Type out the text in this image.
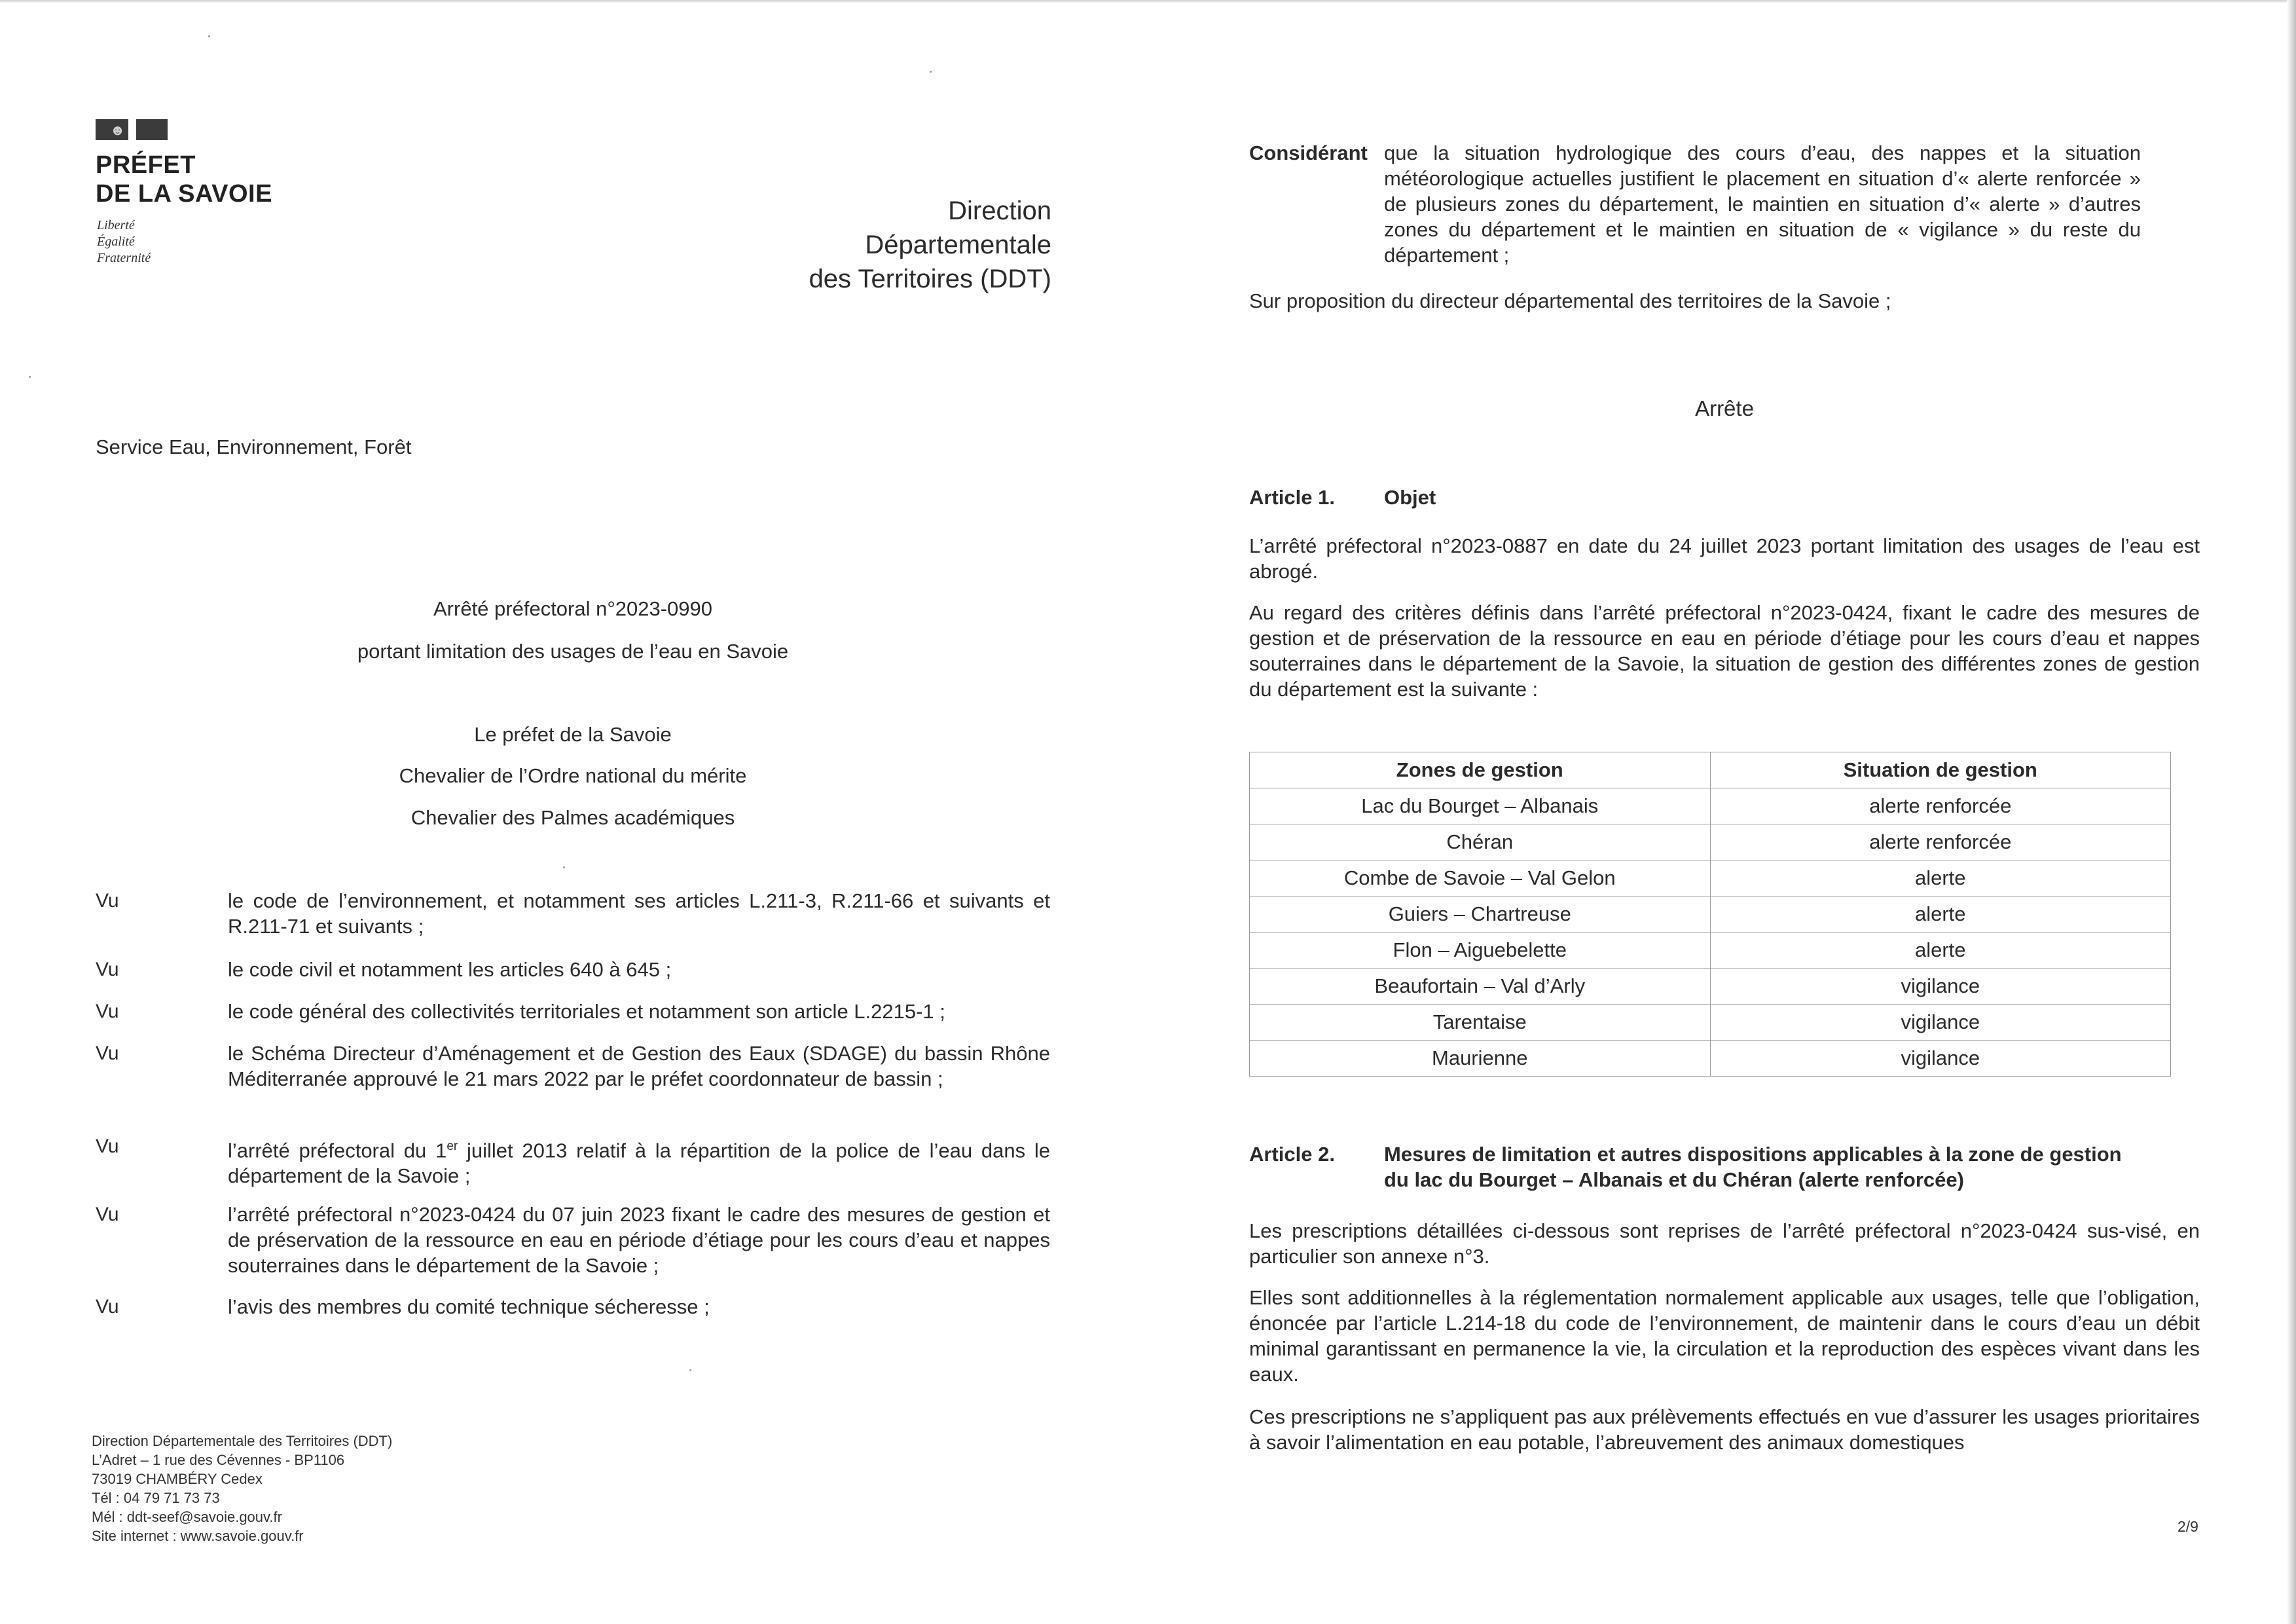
☻
PRÉFET
DE LA SAVOIE
Liberté
Égalité
Fraternité
Direction
Départementale
des Territoires (DDT)
Service Eau, Environnement, Forêt
Arrêté préfectoral n°2023-0990
portant limitation des usages de l’eau en Savoie
Le préfet de la Savoie
Chevalier de l’Ordre national du mérite
Chevalier des Palmes académiques
Vu	le code de l’environnement, et notamment ses articles L.211-3, R.211-66 et suivants et R.211-71 et suivants ;
Vu	le code civil et notamment les articles 640 à 645 ;
Vu	le code général des collectivités territoriales et notamment son article L.2215-1 ;
Vu	le Schéma Directeur d’Aménagement et de Gestion des Eaux (SDAGE) du bassin Rhône Méditerranée approuvé le 21 mars 2022 par le préfet coordonnateur de bassin ;
Vu	l’arrêté préfectoral du 1er juillet 2013 relatif à la répartition de la police de l’eau dans le département de la Savoie ;
Vu	l’arrêté préfectoral n°2023-0424 du 07 juin 2023 fixant le cadre des mesures de gestion et de préservation de la ressource en eau en période d’étiage pour les cours d’eau et nappes souterraines dans le département de la Savoie ;
Vu	l’avis des membres du comité technique sécheresse ;
Direction Départementale des Territoires (DDT)
L’Adret – 1 rue des Cévennes - BP1106
73019 CHAMBÉRY Cedex
Tél : 04 79 71 73 73
Mél : ddt-seef@savoie.gouv.fr
Site internet : www.savoie.gouv.fr
Considérant que la situation hydrologique des cours d’eau, des nappes et la situation météorologique actuelles justifient le placement en situation d’« alerte renforcée » de plusieurs zones du département, le maintien en situation d’« alerte » d’autres zones du département et le maintien en situation de « vigilance » du reste du département ;
Sur proposition du directeur départemental des territoires de la Savoie ;
Arrête
Article 1. Objet
L’arrêté préfectoral n°2023-0887 en date du 24 juillet 2023 portant limitation des usages de l’eau est abrogé.
Au regard des critères définis dans l’arrêté préfectoral n°2023-0424, fixant le cadre des mesures de gestion et de préservation de la ressource en eau en période d’étiage pour les cours d’eau et nappes souterraines dans le département de la Savoie, la situation de gestion des différentes zones de gestion du département est la suivante :
Zones de gestion	Situation de gestion
Lac du Bourget – Albanais	alerte renforcée
Chéran	alerte renforcée
Combe de Savoie – Val Gelon	alerte
Guiers – Chartreuse	alerte
Flon – Aiguebelette	alerte
Beaufortain – Val d’Arly	vigilance
Tarentaise	vigilance
Maurienne	vigilance
Article 2. Mesures de limitation et autres dispositions applicables à la zone de gestion du lac du Bourget – Albanais et du Chéran (alerte renforcée)
Les prescriptions détaillées ci-dessous sont reprises de l’arrêté préfectoral n°2023-0424 sus-visé, en particulier son annexe n°3.
Elles sont additionnelles à la réglementation normalement applicable aux usages, telle que l’obligation, énoncée par l’article L.214-18 du code de l’environnement, de maintenir dans le cours d’eau un débit minimal garantissant en permanence la vie, la circulation et la reproduction des espèces vivant dans les eaux.
Ces prescriptions ne s’appliquent pas aux prélèvements effectués en vue d’assurer les usages prioritaires à savoir l’alimentation en eau potable, l’abreuvement des animaux domestiques
2/9
